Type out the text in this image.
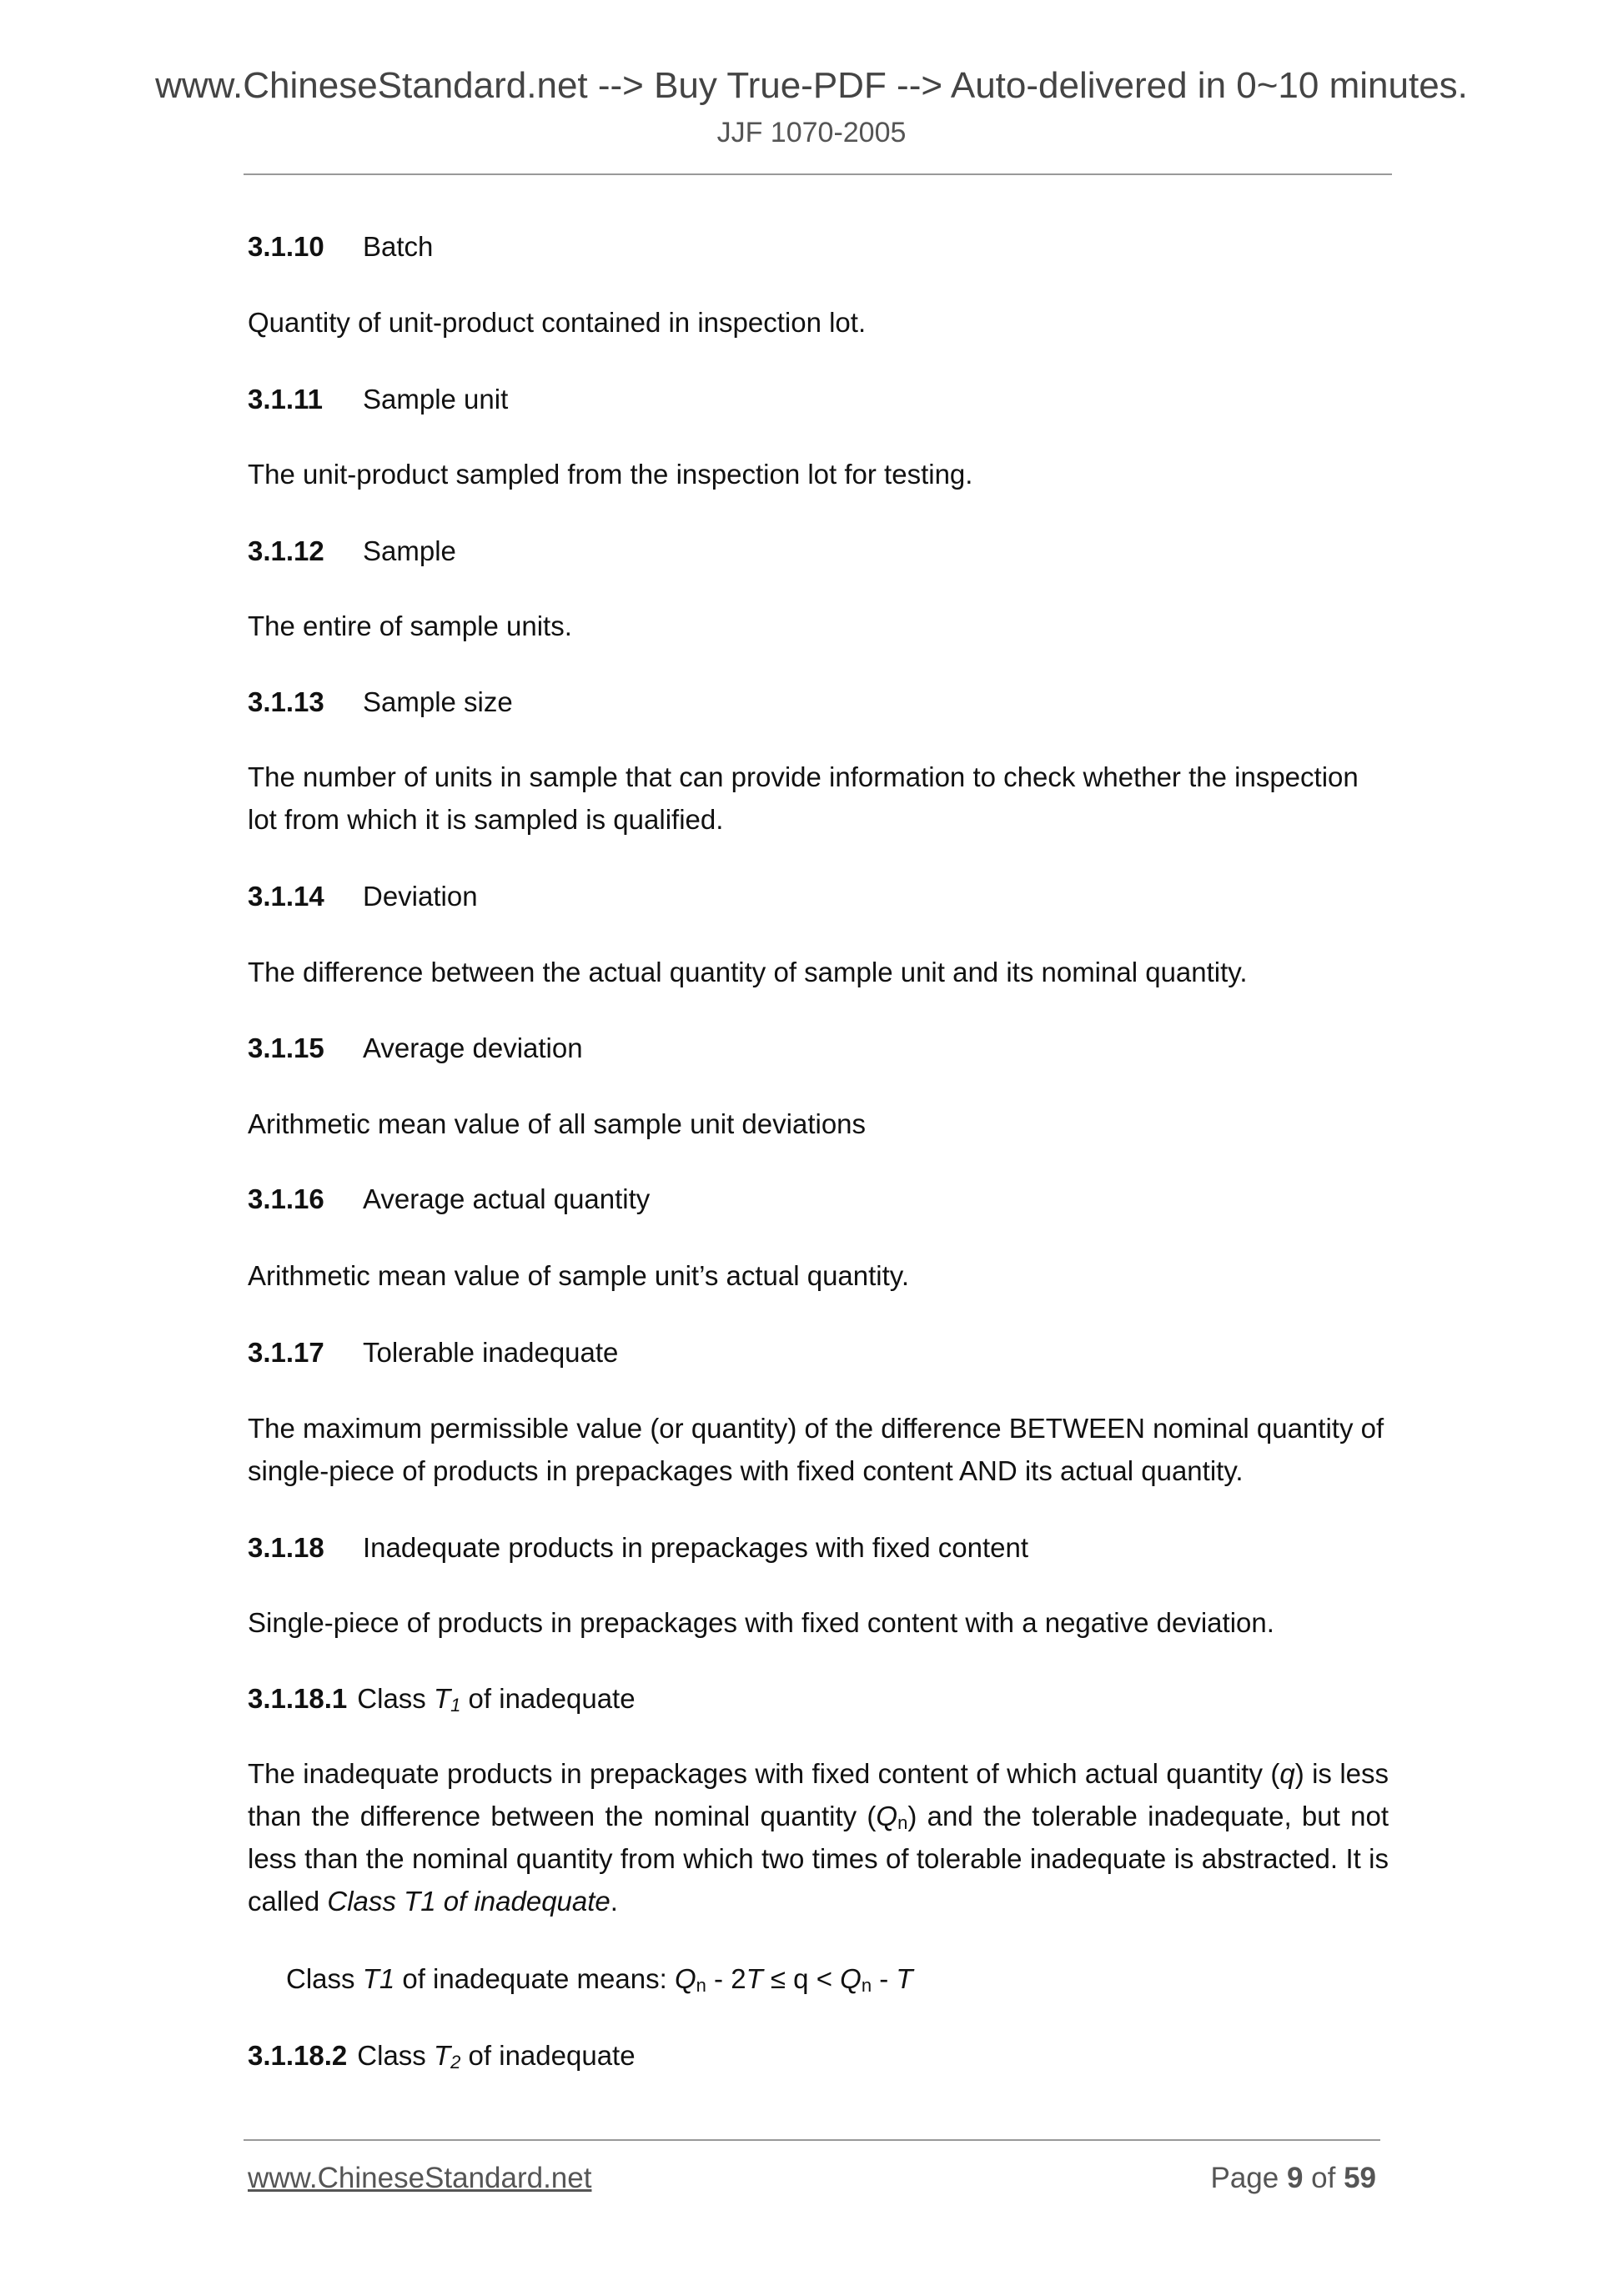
www.ChineseStandard.net --> Buy True-PDF --> Auto-delivered in 0~10 minutes.
JJF 1070-2005
3.1.10 Batch
Quantity of unit-product contained in inspection lot.
3.1.11 Sample unit
The unit-product sampled from the inspection lot for testing.
3.1.12 Sample
The entire of sample units.
3.1.13 Sample size
The number of units in sample that can provide information to check whether the inspection lot from which it is sampled is qualified.
3.1.14 Deviation
The difference between the actual quantity of sample unit and its nominal quantity.
3.1.15 Average deviation
Arithmetic mean value of all sample unit deviations
3.1.16 Average actual quantity
Arithmetic mean value of sample unit’s actual quantity.
3.1.17 Tolerable inadequate
The maximum permissible value (or quantity) of the difference BETWEEN nominal quantity of single-piece of products in prepackages with fixed content AND its actual quantity.
3.1.18 Inadequate products in prepackages with fixed content
Single-piece of products in prepackages with fixed content with a negative deviation.
3.1.18.1 Class $T_1$ of inadequate
The inadequate products in prepackages with fixed content of which actual quantity (q) is less than the difference between the nominal quantity $(Q_n)$ and the tolerable inadequate, but not less than the nominal quantity from which two times of tolerable inadequate is abstracted. It is called Class T1 of inadequate.
Class T1 of inadequate means: $Q_n - 2T \le q < Q_n - T$
3.1.18.2 Class $T_2$ of inadequate
www.ChineseStandard.net	Page 9 of 59
